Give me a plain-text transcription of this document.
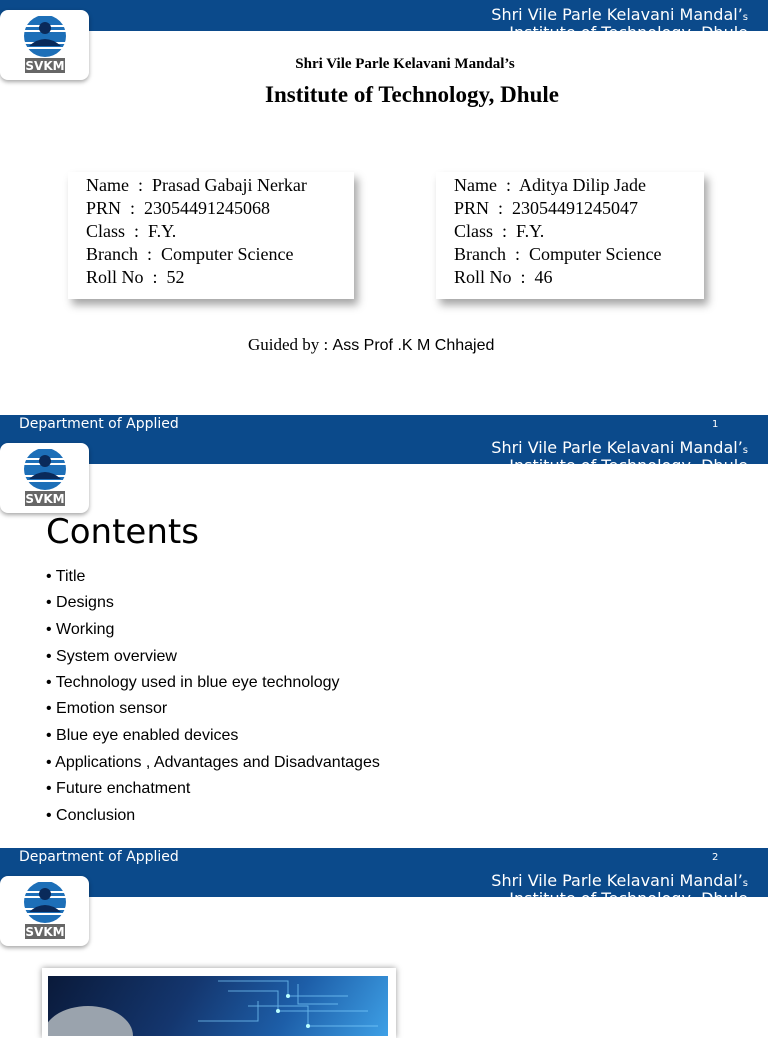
Shri Vile Parle Kelavani Mandal’s
Institute of Technology, Dhule
SVKM	Shri Vile Parle Kelavani Mandal’s
Institute of Technology, Dhule
Name  :  Prasad Gabaji Nerkar
PRN  :  23054491245068
Class  :  F.Y.
Branch  :  Computer Science
Roll No  :  52
Name  :  Aditya Dilip Jade
PRN  :  23054491245047
Class  :  F.Y.
Branch  :  Computer Science
Roll No  :  46
Guided by : Ass Prof .K M Chhajed
Department of Applied	1
Shri Vile Parle Kelavani Mandal’s
Institute of Technology, Dhule
SVKM
Contents
• Title
• Designs
• Working
• System overview
• Technology used in blue eye technology
• Emotion sensor
• Blue eye enabled devices
• Applications , Advantages and Disadvantages
• Future enchatment
• Conclusion
Department of Applied	2
Shri Vile Parle Kelavani Mandal’s
Institute of Technology, Dhule
SVKM
